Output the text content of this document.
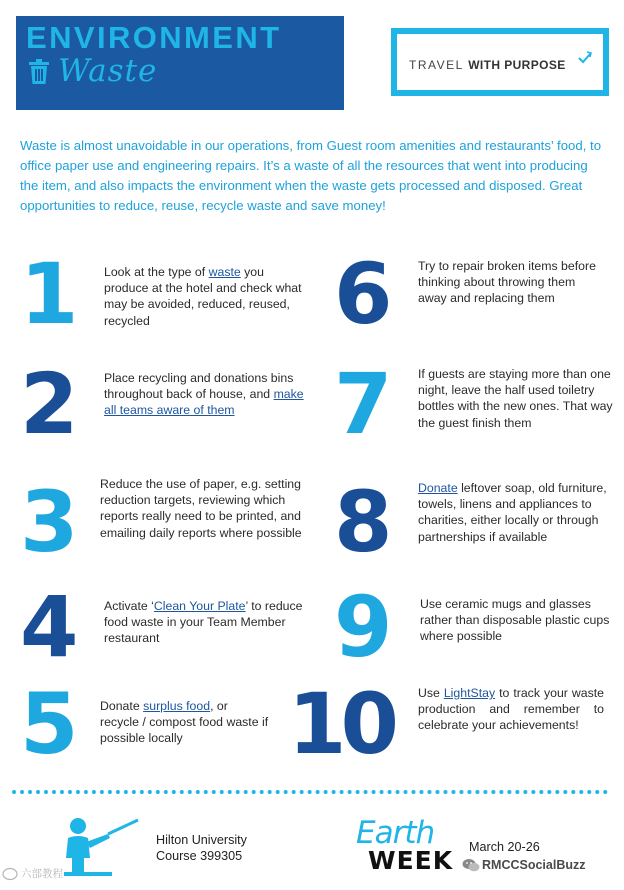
ENVIRONMENT
Waste	TRAVEL WITH PURPOSE
Waste is almost unavoidable in our operations, from Guest room amenities and restaurants’ food, to office paper use and engineering repairs. It’s a waste of all the resources that went into producing the item, and also impacts the environment when the waste gets processed and disposed. Great opportunities to reduce, reuse, recycle waste and save money!
1 Look at the type of waste you produce at the hotel and check what may be avoided, reduced, reused, recycled
2 Place recycling and donations bins throughout back of house, and make all teams aware of them
3 Reduce the use of paper, e.g. setting reduction targets, reviewing which reports really need to be printed, and emailing daily reports where possible
4 Activate ‘Clean Your Plate’ to reduce food waste in your Team Member restaurant
5 Donate surplus food, or recycle / compost food waste if possible locally
6 Try to repair broken items before thinking about throwing them away and replacing them
7 If guests are staying more than one night, leave the half used toiletry bottles with the new ones. That way the guest finish them
8 Donate leftover soap, old furniture, towels, linens and appliances to charities, either locally or through partnerships if available
9	Use ceramic mugs and glasses rather than disposable plastic cups where possible
10 Use LightStay to track your waste production and remember to celebrate your achievements!
Hilton University
Course 399305
Earth
WEEK March 20-26
六部教程
RMCCSocialBuzz
